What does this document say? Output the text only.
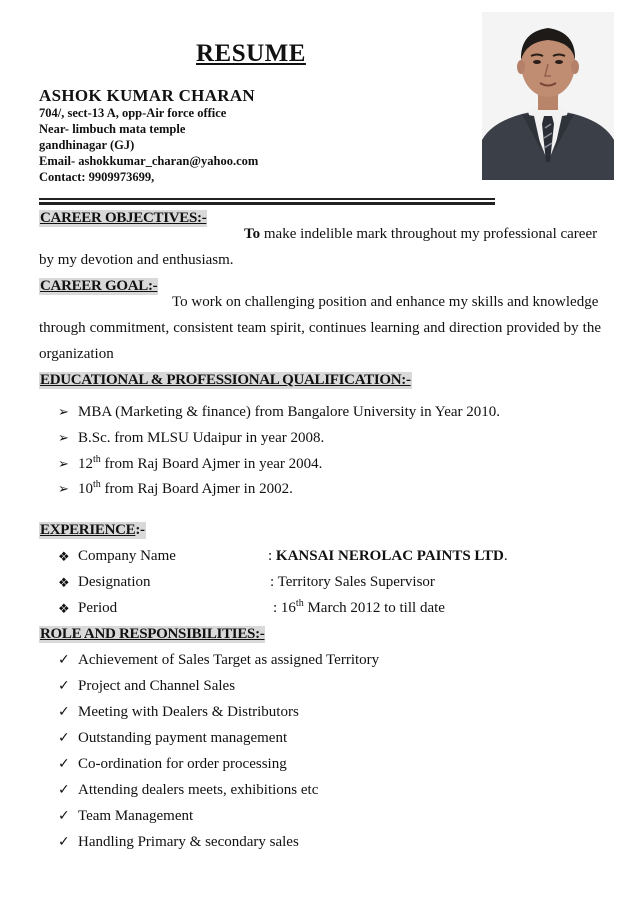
RESUME
ASHOK KUMAR CHARAN
704/, sect-13 A, opp-Air force office
Near- limbuch mata temple
gandhinagar (GJ)
Email- ashokkumar_charan@yahoo.com
Contact: 9909973699,
CAREER OBJECTIVES:-
To make indelible mark throughout my professional career
by my devotion and enthusiasm.
CAREER GOAL:-
To work on challenging position and enhance my skills and knowledge
through commitment, consistent team spirit, continues learning and direction provided by the
organization
EDUCATIONAL & PROFESSIONAL QUALIFICATION:-
➢ MBA (Marketing & finance) from Bangalore University in Year 2010.
➢ B.Sc. from MLSU Udaipur in year 2008.
➢ 12th from Raj Board Ajmer in year 2004.
➢ 10th from Raj Board Ajmer in 2002.
EXPERIENCE:-
❖ Company Name	: KANSAI NEROLAC PAINTS LTD.
❖ Designation	: Territory Sales Supervisor
❖ Period	: 16th March 2012 to till date
ROLE AND RESPONSIBILITIES:-
✓ Achievement of Sales Target as assigned Territory
✓ Project and Channel Sales
✓ Meeting with Dealers & Distributors
✓ Outstanding payment management
✓ Co-ordination for order processing
✓ Attending dealers meets, exhibitions etc
✓ Team Management
✓ Handling Primary & secondary sales
